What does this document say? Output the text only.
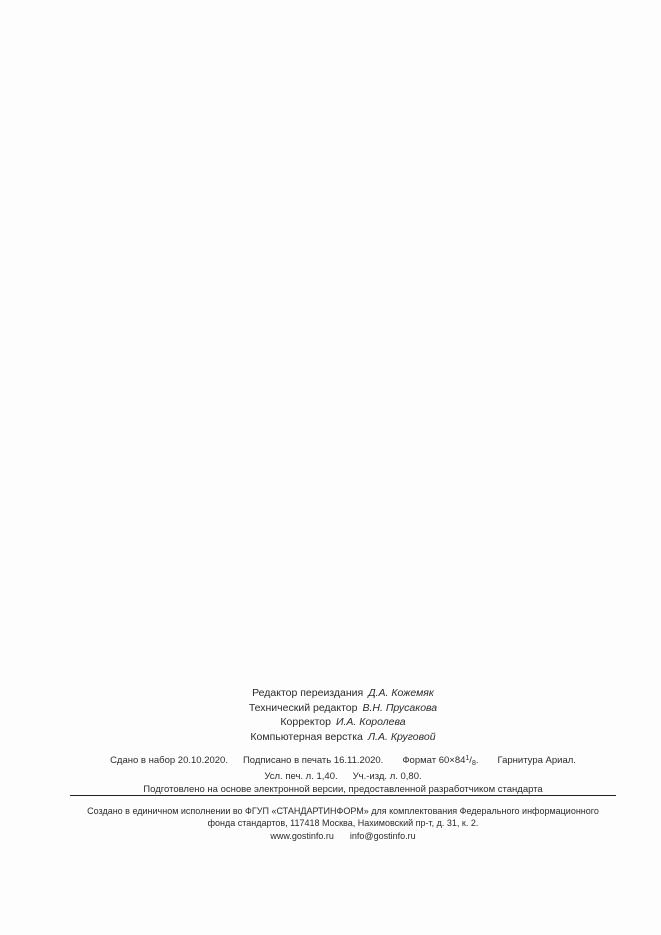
Редактор переиздания Д.А. Кожемяк
Технический редактор В.Н. Прусакова
Корректор И.А. Королева
Компьютерная верстка Л.А. Круговой
Сдано в набор 20.10.2020. Подписано в печать 16.11.2020. Формат $60\times 84^1/_8$. Гарнитура Ариал.
Усл. печ. л. 1,40. Уч.-изд. л. 0,80.
Подготовлено на основе электронной версии, предоставленной разработчиком стандарта
Создано в единичном исполнении во ФГУП «СТАНДАРТИНФОРМ» для комплектования Федерального информационного
фонда стандартов, 117418 Москва, Нахимовский пр-т, д. 31, к. 2.
www.gostinfo.ru info@gostinfo.ru
